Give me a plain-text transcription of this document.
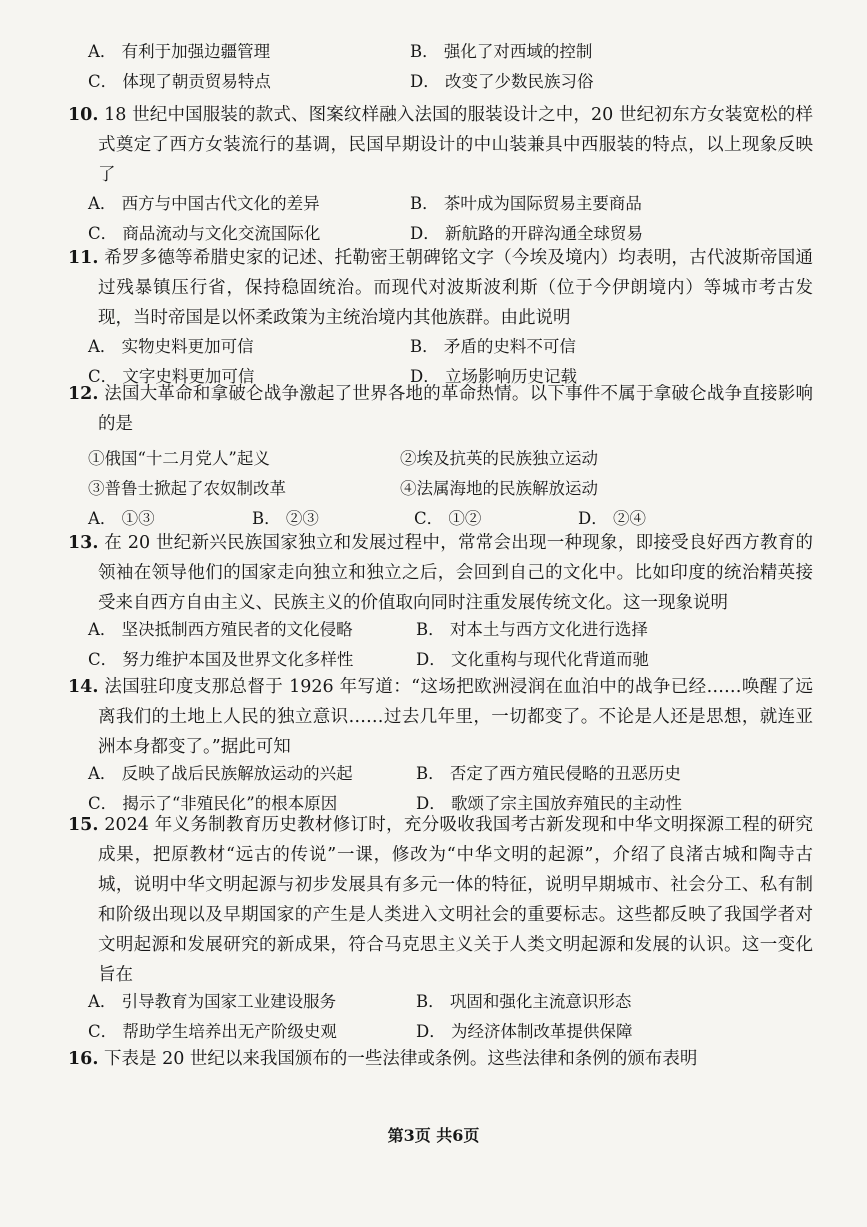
A． 有利于加强边疆管理	B． 强化了对西域的控制
C． 体现了朝贡贸易特点	D． 改变了少数民族习俗
10. 18 世纪中国服装的款式、图案纹样融入法国的服装设计之中，20 世纪初东方女装宽松的样式奠定了西方女装流行的基调，民国早期设计的中山装兼具中西服装的特点，以上现象反映了
A． 西方与中国古代文化的差异	B． 茶叶成为国际贸易主要商品
C． 商品流动与文化交流国际化	D． 新航路的开辟沟通全球贸易
11. 希罗多德等希腊史家的记述、托勒密王朝碑铭文字（今埃及境内）均表明，古代波斯帝国通过残暴镇压行省，保持稳固统治。而现代对波斯波利斯（位于今伊朗境内）等城市考古发现，当时帝国是以怀柔政策为主统治境内其他族群。由此说明
A． 实物史料更加可信	B． 矛盾的史料不可信
C． 文字史料更加可信	D． 立场影响历史记载
12. 法国大革命和拿破仑战争激起了世界各地的革命热情。以下事件不属于拿破仑战争直接影响的是
①俄国“十二月党人”起义	②埃及抗英的民族独立运动
③普鲁士掀起了农奴制改革	④法属海地的民族解放运动
A． ①③	B． ②③	C． ①②	D． ②④
13. 在 20 世纪新兴民族国家独立和发展过程中，常常会出现一种现象，即接受良好西方教育的领袖在领导他们的国家走向独立和独立之后，会回到自己的文化中。比如印度的统治精英接受来自西方自由主义、民族主义的价值取向同时注重发展传统文化。这一现象说明
A． 坚决抵制西方殖民者的文化侵略	B． 对本土与西方文化进行选择
C． 努力维护本国及世界文化多样性	D． 文化重构与现代化背道而驰
14. 法国驻印度支那总督于 1926 年写道：“这场把欧洲浸润在血泊中的战争已经……唤醒了远离我们的土地上人民的独立意识……过去几年里，一切都变了。不论是人还是思想，就连亚洲本身都变了。”据此可知
A． 反映了战后民族解放运动的兴起	B． 否定了西方殖民侵略的丑恶历史
C． 揭示了“非殖民化”的根本原因	D． 歌颂了宗主国放弃殖民的主动性
15. 2024 年义务制教育历史教材修订时，充分吸收我国考古新发现和中华文明探源工程的研究成果，把原教材“远古的传说”一课，修改为“中华文明的起源”，介绍了良渚古城和陶寺古城，说明中华文明起源与初步发展具有多元一体的特征，说明早期城市、社会分工、私有制和阶级出现以及早期国家的产生是人类进入文明社会的重要标志。这些都反映了我国学者对文明起源和发展研究的新成果，符合马克思主义关于人类文明起源和发展的认识。这一变化旨在
A． 引导教育为国家工业建设服务	B． 巩固和强化主流意识形态
C． 帮助学生培养出无产阶级史观	D． 为经济体制改革提供保障
16. 下表是 20 世纪以来我国颁布的一些法律或条例。这些法律和条例的颁布表明
第3页 共6页
